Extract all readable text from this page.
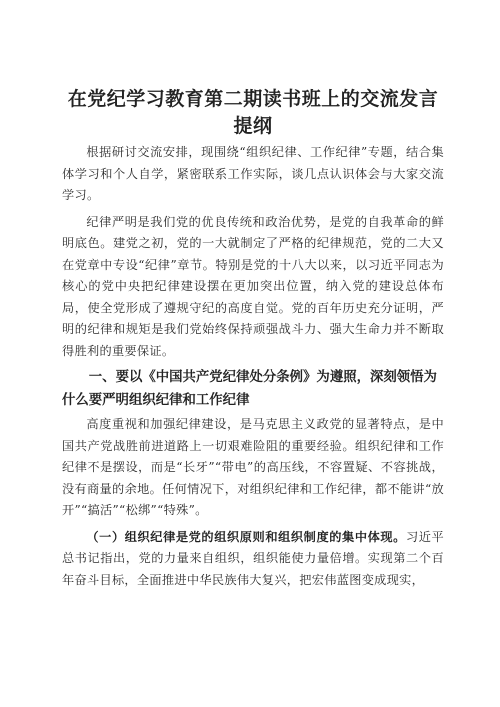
在党纪学习教育第二期读书班上的交流发言提纲

根据研讨交流安排，现围绕“组织纪律、工作纪律”专题，结合集体学习和个人自学，紧密联系工作实际，谈几点认识体会与大家交流学习。

纪律严明是我们党的优良传统和政治优势，是党的自我革命的鲜明底色。建党之初，党的一大就制定了严格的纪律规范，党的二大又在党章中专设“纪律”章节。特别是党的十八大以来，以习近平同志为核心的党中央把纪律建设摆在更加突出位置，纳入党的建设总体布局，使全党形成了遵规守纪的高度自觉。党的百年历史充分证明，严明的纪律和规矩是我们党始终保持顽强战斗力、强大生命力并不断取得胜利的重要保证。

一、要以《中国共产党纪律处分条例》为遵照，深刻领悟为什么要严明组织纪律和工作纪律

高度重视和加强纪律建设，是马克思主义政党的显著特点，是中国共产党战胜前进道路上一切艰难险阻的重要经验。组织纪律和工作纪律不是摆设，而是“长牙”“带电”的高压线，不容置疑、不容挑战，没有商量的余地。任何情况下，对组织纪律和工作纪律，都不能讲“放开”“搞活”“松绑”“特殊”。

（一）组织纪律是党的组织原则和组织制度的集中体现。习近平总书记指出，党的力量来自组织，组织能使力量倍增。实现第二个百年奋斗目标，全面推进中华民族伟大复兴，把宏伟蓝图变成现实，
